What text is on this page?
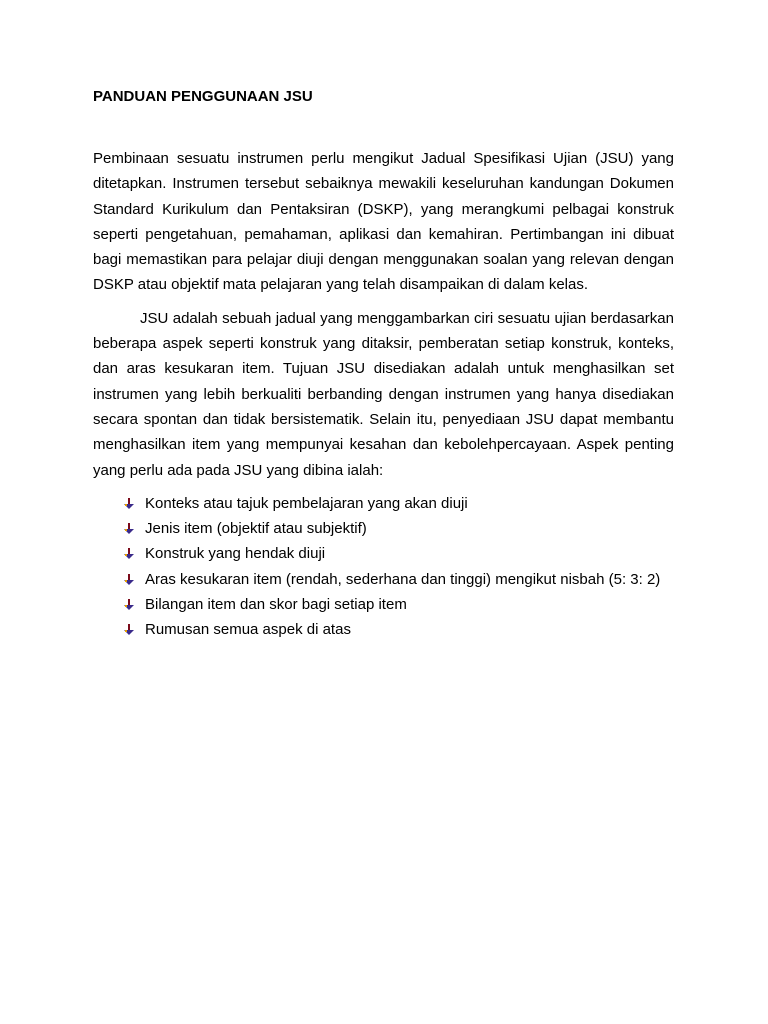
PANDUAN PENGGUNAAN JSU

Pembinaan sesuatu instrumen perlu mengikut Jadual Spesifikasi Ujian (JSU) yang ditetapkan. Instrumen tersebut sebaiknya mewakili keseluruhan kandungan Dokumen Standard Kurikulum dan Pentaksiran (DSKP), yang merangkumi pelbagai konstruk seperti pengetahuan, pemahaman, aplikasi dan kemahiran. Pertimbangan ini dibuat bagi memastikan para pelajar diuji dengan menggunakan soalan yang relevan dengan DSKP atau objektif mata pelajaran yang telah disampaikan di dalam kelas.

JSU adalah sebuah jadual yang menggambarkan ciri sesuatu ujian berdasarkan beberapa aspek seperti konstruk yang ditaksir, pemberatan setiap konstruk, konteks, dan aras kesukaran item. Tujuan JSU disediakan adalah untuk menghasilkan set instrumen yang lebih berkualiti berbanding dengan instrumen yang hanya disediakan secara spontan dan tidak bersistematik. Selain itu, penyediaan JSU dapat membantu menghasilkan item yang mempunyai kesahan dan kebolehpercayaan. Aspek penting yang perlu ada pada JSU yang dibina ialah:

Konteks atau tajuk pembelajaran yang akan diuji
Jenis item (objektif atau subjektif)
Konstruk yang hendak diuji
Aras kesukaran item (rendah, sederhana dan tinggi) mengikut nisbah (5: 3: 2)
Bilangan item dan skor bagi setiap item
Rumusan semua aspek di atas
